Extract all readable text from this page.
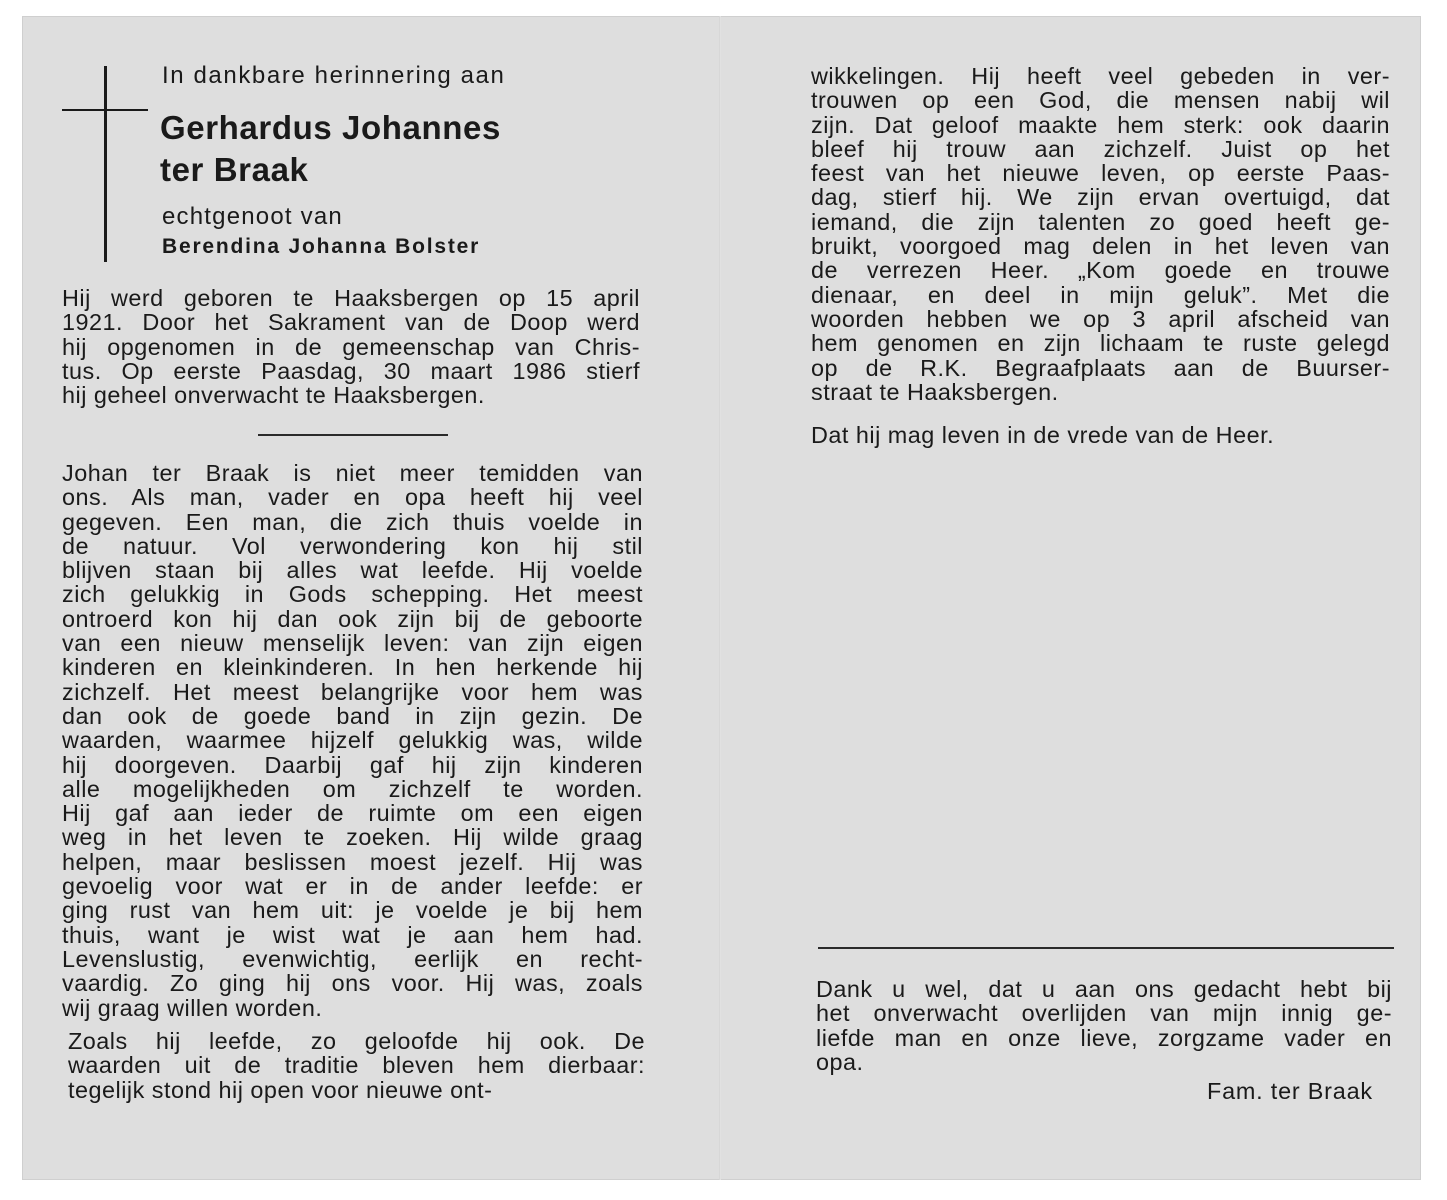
In dankbare herinnering aan

Gerhardus Johannes
ter Braak

echtgenoot van

Berendina Johanna Bolster

Hij werd geboren te Haaksbergen op 15 april
1921. Door het Sakrament van de Doop werd
hij opgenomen in de gemeenschap van Chris-
tus. Op eerste Paasdag, 30 maart 1986 stierf
hij geheel onverwacht te Haaksbergen.
Johan ter Braak is niet meer temidden van
ons. Als man, vader en opa heeft hij veel
gegeven. Een man, die zich thuis voelde in
de natuur. Vol verwondering kon hij stil
blijven staan bij alles wat leefde. Hij voelde
zich gelukkig in Gods schepping. Het meest
ontroerd kon hij dan ook zijn bij de geboorte
van een nieuw menselijk leven: van zijn eigen
kinderen en kleinkinderen. In hen herkende hij
zichzelf. Het meest belangrijke voor hem was
dan ook de goede band in zijn gezin. De
waarden, waarmee hijzelf gelukkig was, wilde
hij doorgeven. Daarbij gaf hij zijn kinderen
alle mogelijkheden om zichzelf te worden.
Hij gaf aan ieder de ruimte om een eigen
weg in het leven te zoeken. Hij wilde graag
helpen, maar beslissen moest jezelf. Hij was
gevoelig voor wat er in de ander leefde: er
ging rust van hem uit: je voelde je bij hem
thuis, want je wist wat je aan hem had.
Levenslustig, evenwichtig, eerlijk en recht-
vaardig. Zo ging hij ons voor. Hij was, zoals
wij graag willen worden.
Zoals hij leefde, zo geloofde hij ook. De
waarden uit de traditie bleven hem dierbaar:
tegelijk stond hij open voor nieuwe ont-
wikkelingen. Hij heeft veel gebeden in ver-
trouwen op een God, die mensen nabij wil
zijn. Dat geloof maakte hem sterk: ook daarin
bleef hij trouw aan zichzelf. Juist op het
feest van het nieuwe leven, op eerste Paas-
dag, stierf hij. We zijn ervan overtuigd, dat
iemand, die zijn talenten zo goed heeft ge-
bruikt, voorgoed mag delen in het leven van
de verrezen Heer. „Kom goede en trouwe
dienaar, en deel in mijn geluk”. Met die
woorden hebben we op 3 april afscheid van
hem genomen en zijn lichaam te ruste gelegd
op de R.K. Begraafplaats aan de Buurser-
straat te Haaksbergen.
Dat hij mag leven in de vrede van de Heer.
Dank u wel, dat u aan ons gedacht hebt bij
het onverwacht overlijden van mijn innig ge-
liefde man en onze lieve, zorgzame vader en
opa.

Fam. ter Braak
